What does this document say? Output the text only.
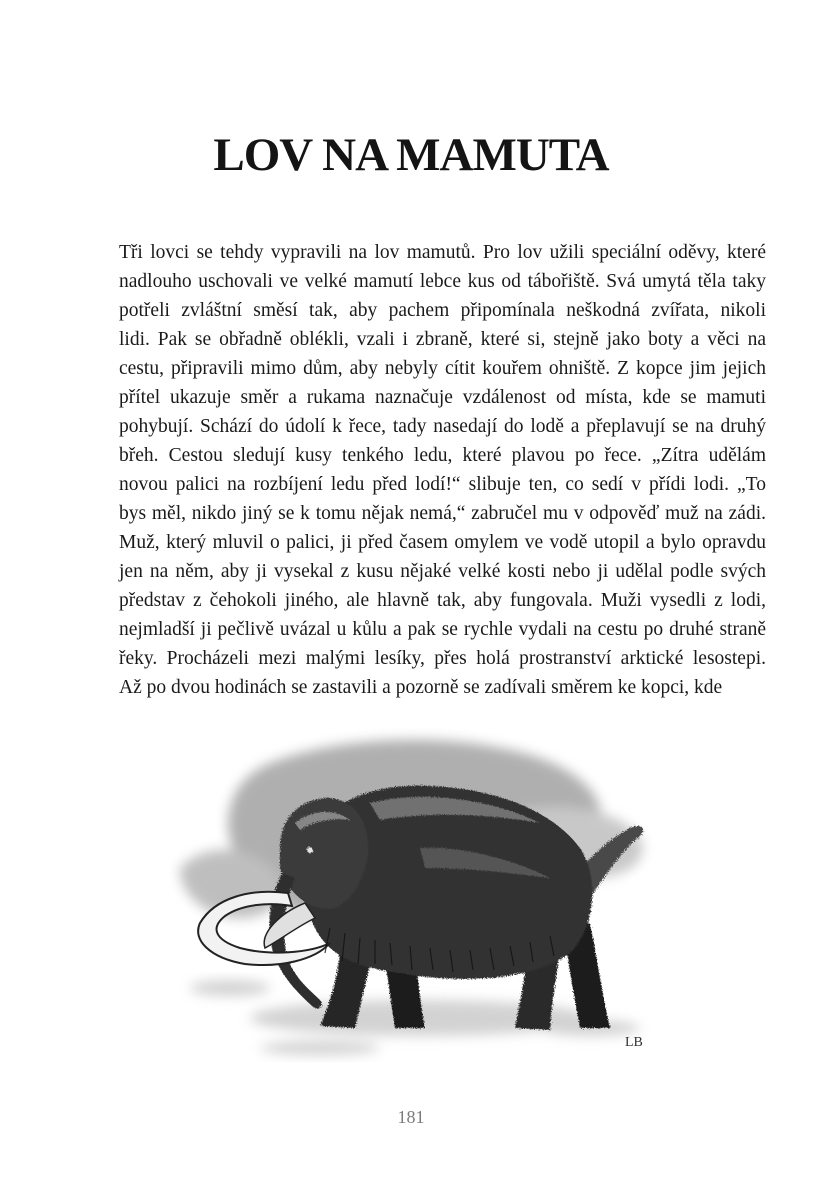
LOV NA MAMUTA
Tři lovci se tehdy vypravili na lov mamutů. Pro lov užili speciální oděvy, které
nadlouho uschovali ve velké mamutí lebce kus od tábořiště. Svá umytá těla taky
potřeli zvláštní směsí tak, aby pachem připomínala neškodná zvířata, nikoli
lidi. Pak se obřadně oblékli, vzali i zbraně, které si, stejně jako boty a věci na
cestu, připravili mimo dům, aby nebyly cítit kouřem ohniště. Z kopce jim jejich
přítel ukazuje směr a rukama naznačuje vzdálenost od místa, kde se mamuti
pohybují. Schází do údolí k řece, tady nasedají do lodě a přeplavují se na druhý
břeh. Cestou sledují kusy tenkého ledu, které plavou po řece. „Zítra udělám
novou palici na rozbíjení ledu před lodí!“ slibuje ten, co sedí v přídi lodi. „To
bys měl, nikdo jiný se k tomu nějak nemá,“ zabručel mu v odpověď muž na zádi.
Muž, který mluvil o palici, ji před časem omylem ve vodě utopil a bylo opravdu
jen na něm, aby ji vysekal z kusu nějaké velké kosti nebo ji udělal podle svých
představ z čehokoli jiného, ale hlavně tak, aby fungovala. Muži vysedli z lodi,
nejmladší ji pečlivě uvázal u kůlu a pak se rychle vydali na cestu po druhé straně
řeky. Procházeli mezi malými lesíky, přes holá prostranství arktické lesostepi.
Až po dvou hodinách se zastavili a pozorně se zadívali směrem ke kopci, kde
LB
181
